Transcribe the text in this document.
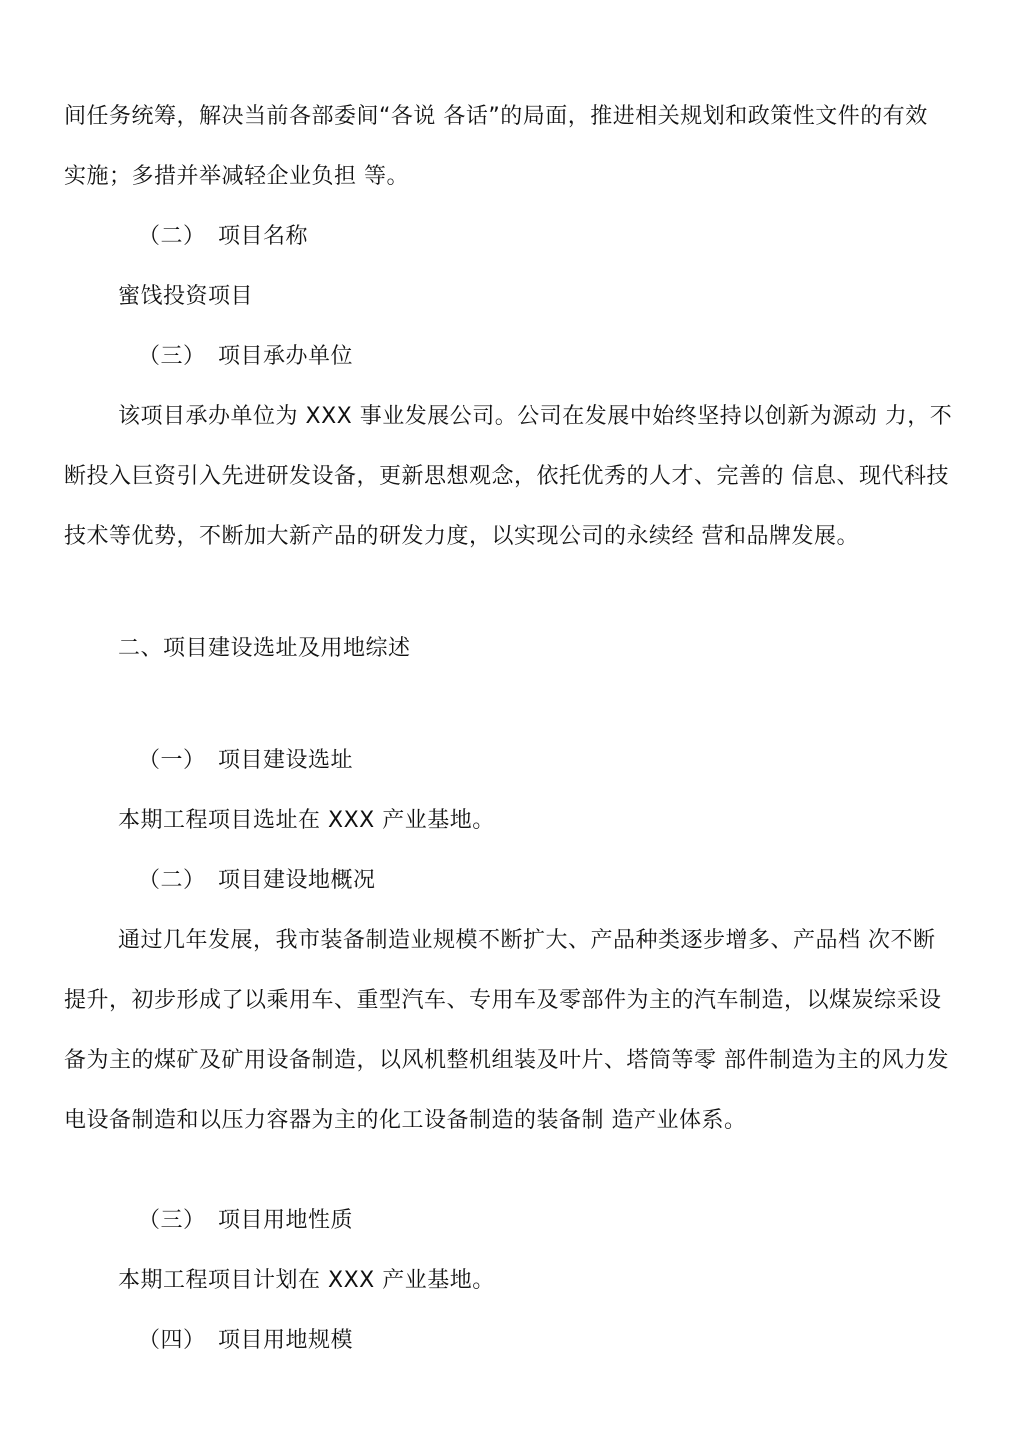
间任务统筹，解决当前各部委间“各说 各话”的局面，推进相关规划和政策性文件的有效
实施；多措并举减轻企业负担 等。
（二） 项目名称
蜜饯投资项目
（三） 项目承办单位
该项目承办单位为 XXX 事业发展公司。公司在发展中始终坚持以创新为源动 力，不
断投入巨资引入先进研发设备，更新思想观念，依托优秀的人才、完善的 信息、现代科技
技术等优势，不断加大新产品的研发力度，以实现公司的永续经 营和品牌发展。
二、项目建设选址及用地综述
（一） 项目建设选址
本期工程项目选址在 XXX 产业基地。
（二） 项目建设地概况
通过几年发展，我市装备制造业规模不断扩大、产品种类逐步增多、产品档 次不断
提升，初步形成了以乘用车、重型汽车、专用车及零部件为主的汽车制造，以煤炭综采设
备为主的煤矿及矿用设备制造，以风机整机组装及叶片、塔筒等零 部件制造为主的风力发
电设备制造和以压力容器为主的化工设备制造的装备制 造产业体系。
（三） 项目用地性质
本期工程项目计划在 XXX 产业基地。
（四） 项目用地规模
